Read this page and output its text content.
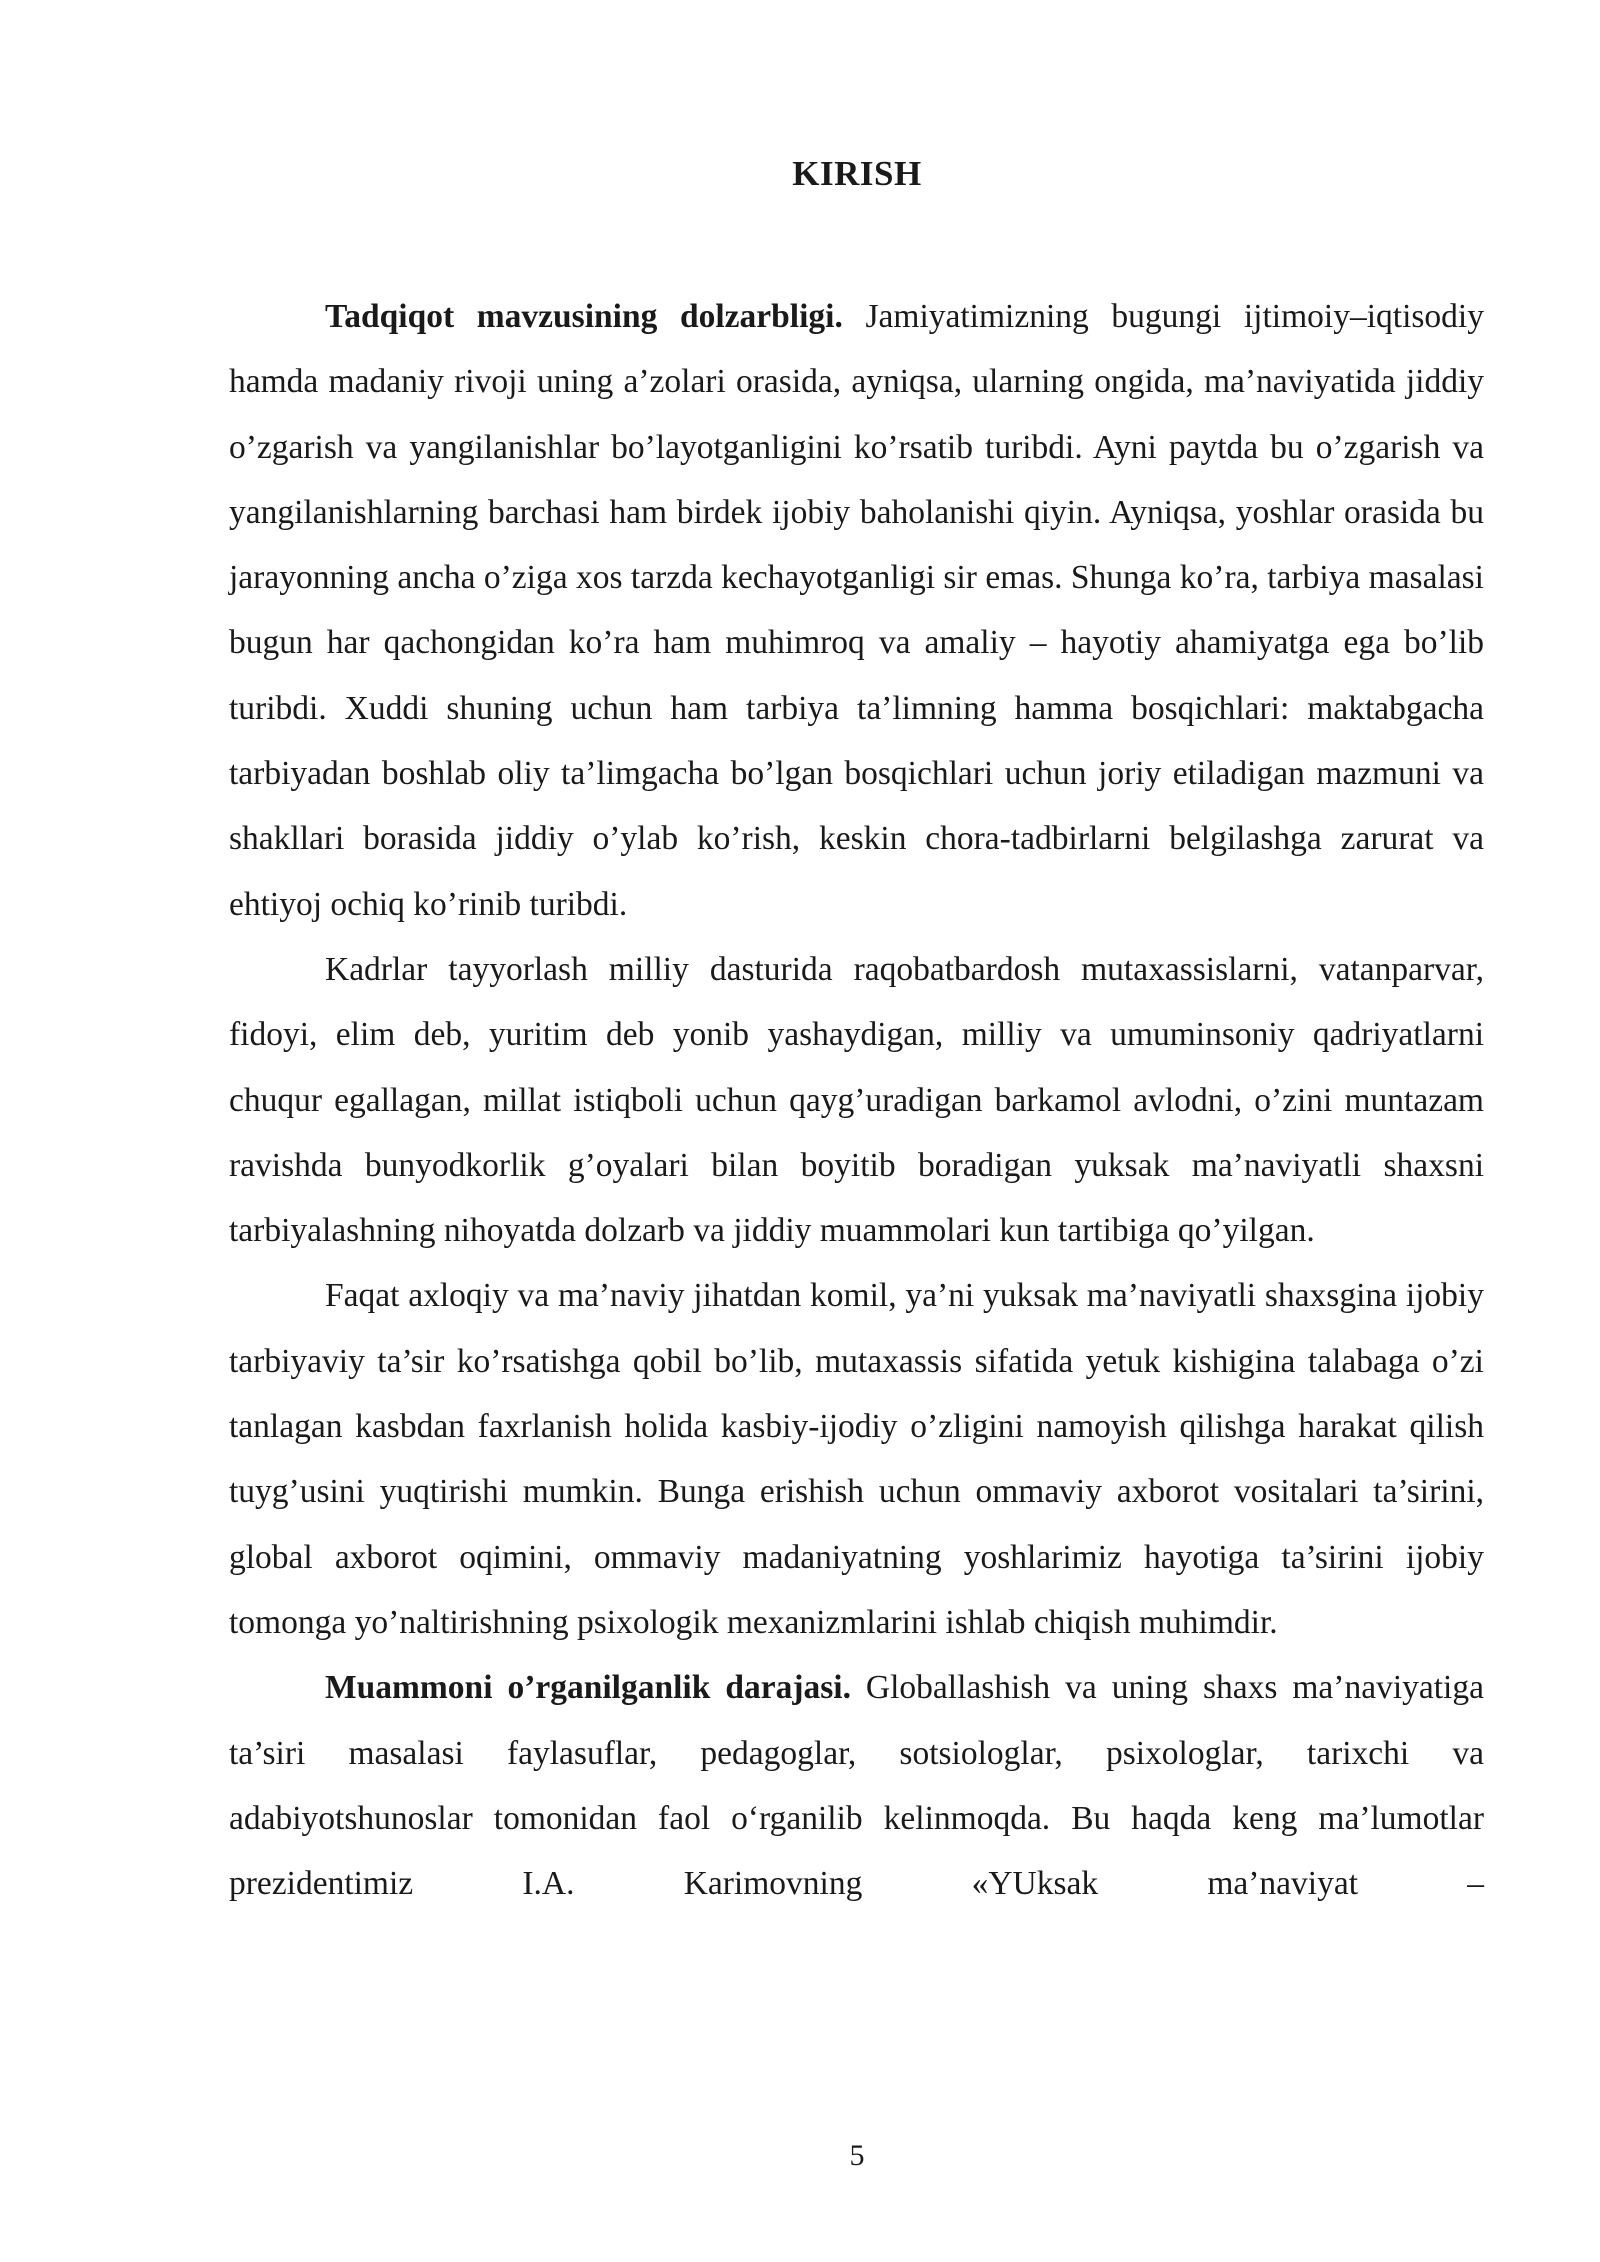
KIRISH

Tadqiqot mavzusining dolzarbligi. Jamiyatimizning bugungi ijtimoiy–iqtisodiy hamda madaniy rivoji uning a’zolari orasida, ayniqsa, ularning ongida, ma’naviyatida jiddiy o’zgarish va yangilanishlar bo’layotganligini ko’rsatib turibdi. Ayni paytda bu o’zgarish va yangilanishlarning barchasi ham birdek ijobiy baholanishi qiyin. Ayniqsa, yoshlar orasida bu jarayonning ancha o’ziga xos tarzda kechayotganligi sir emas. Shunga ko’ra, tarbiya masalasi bugun har qachongidan ko’ra ham muhimroq va amaliy – hayotiy ahamiyatga ega bo’lib turibdi. Xuddi shuning uchun ham tarbiya ta’limning hamma bosqichlari: maktabgacha tarbiyadan boshlab oliy ta’limgacha bo’lgan bosqichlari uchun joriy etiladigan mazmuni va shakllari borasida jiddiy o’ylab ko’rish, keskin chora-tadbirlarni belgilashga zarurat va ehtiyoj ochiq ko’rinib turibdi.

Kadrlar tayyorlash milliy dasturida raqobatbardosh mutaxassislarni, vatanparvar, fidoyi, elim deb, yuritim deb yonib yashaydigan, milliy va umuminsoniy qadriyatlarni chuqur egallagan, millat istiqboli uchun qayg’uradigan barkamol avlodni, o’zini muntazam ravishda bunyodkorlik g’oyalari bilan boyitib boradigan yuksak ma’naviyatli shaxsni tarbiyalashning nihoyatda dolzarb va jiddiy muammolari kun tartibiga qo’yilgan.

Faqat axloqiy va ma’naviy jihatdan komil, ya’ni yuksak ma’naviyatli shaxsgina ijobiy tarbiyaviy ta’sir ko’rsatishga qobil bo’lib, mutaxassis sifatida yetuk kishigina talabaga o’zi tanlagan kasbdan faxrlanish holida kasbiy-ijodiy o’zligini namoyish qilishga harakat qilish tuyg’usini yuqtirishi mumkin. Bunga erishish uchun ommaviy axborot vositalari ta’sirini, global axborot oqimini, ommaviy madaniyatning yoshlarimiz hayotiga ta’sirini ijobiy tomonga yo’naltirishning psixologik mexanizmlarini ishlab chiqish muhimdir.

Muammoni o’rganilganlik darajasi. Globallashish va uning shaxs ma’naviyatiga ta’siri masalasi faylasuflar, pedagoglar, sotsiologlar, psixologlar, tarixchi va adabiyotshunoslar tomonidan faol o‘rganilib kelinmoqda. Bu haqda keng ma’lumotlar prezidentimiz I.A. Karimovning «YUksak ma’naviyat –

5
